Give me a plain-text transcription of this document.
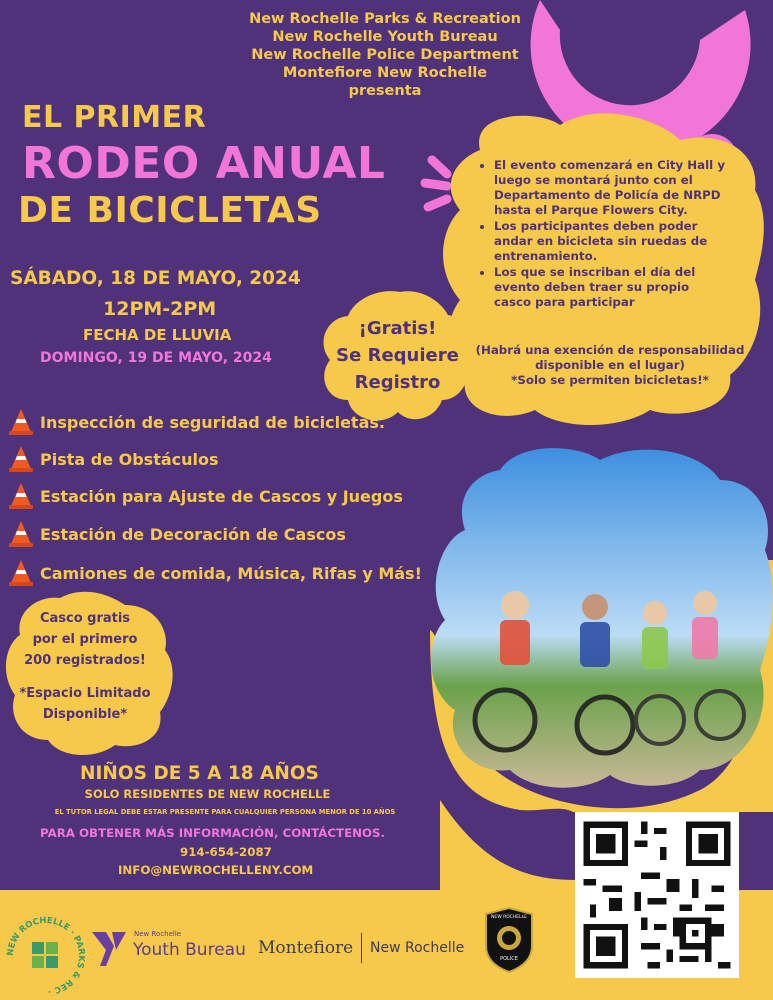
New Rochelle Parks & Recreation
New Rochelle Youth Bureau
New Rochelle Police Department
Montefiore New Rochelle
presenta
EL PRIMER
RODEO ANUAL
DE BICICLETAS
SÁBADO, 18 DE MAYO, 2024
12PM-2PM
FECHA DE LLUVIA
DOMINGO, 19 DE MAYO, 2024
¡Gratis!
Se Requiere
Registro
• El evento comenzará en City Hall y luego se montará junto con el Departamento de Policía de NRPD hasta el Parque Flowers City.
• Los participantes deben poder andar en bicicleta sin ruedas de entrenamiento.
• Los que se inscriban el día del evento deben traer su propio casco para participar
(Habrá una exención de responsabilidad disponible en el lugar)
*Solo se permiten bicicletas!*
Inspección de seguridad de bicicletas.
Pista de Obstáculos
Estación para Ajuste de Cascos y Juegos
Estación de Decoración de Cascos
Camiones de comida, Música, Rifas y Más!
Casco gratis
por el primero
200 registrados!
*Espacio Limitado
Disponible*
NIÑOS DE 5 A 18 AÑOS
SOLO RESIDENTES DE NEW ROCHELLE
EL TUTOR LEGAL DEBE ESTAR PRESENTE PARA CUALQUIER PERSONA MENOR DE 10 AÑOS
PARA OBTENER MÁS INFORMACIÓN, CONTÁCTENOS.
914-654-2087
INFO@NEWROCHELLENY.COM
NEW ROCHELLE · PARKS & REC ·
New Rochelle
Youth Bureau Montefiore New Rochelle
NEW ROCHELLE
POLICE
